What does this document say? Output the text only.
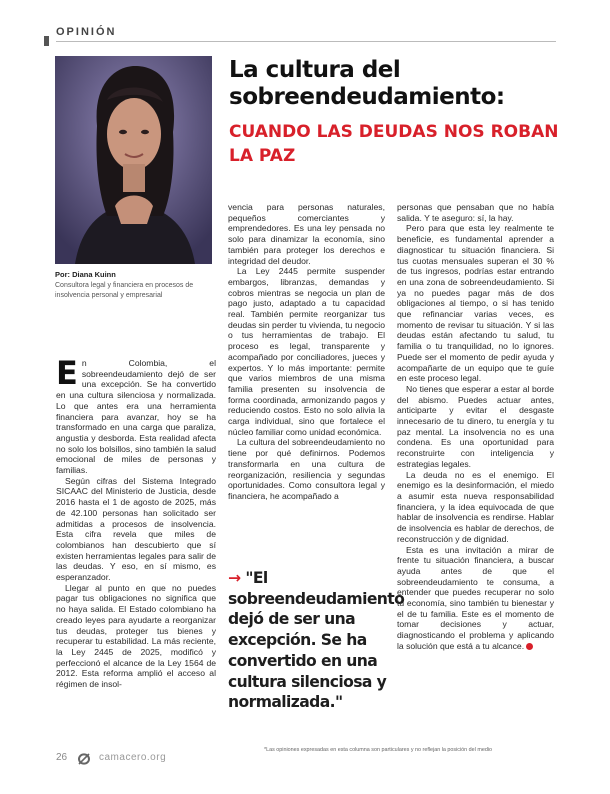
OPINIÓN
Por: Diana Kuinn
Consultora legal y financiera en procesos de insolvencia personal y empresarial
La cultura del sobreendeudamiento:
CUANDO LAS DEUDAS NOS ROBAN LA PAZ
E n Colombia, el sobreendeudamiento dejó de ser una excepción. Se ha convertido en una cultura silenciosa y normalizada. Lo que antes era una herramienta financiera para avanzar, hoy se ha transformado en una carga que paraliza, angustia y desborda. Esta realidad afecta no solo los bolsillos, sino también la salud emocional de miles de personas y familias.

Según cifras del Sistema Integrado SICAAC del Ministerio de Justicia, desde 2016 hasta el 1 de agosto de 2025, más de 42.100 personas han solicitado ser admitidas a procesos de insolvencia. Esta cifra revela que miles de colombianos han descubierto que sí existen herramientas legales para salir de las deudas. Y eso, en sí mismo, es esperanzador.

Llegar al punto en que no puedes pagar tus obligaciones no significa que no haya salida. El Estado colombiano ha creado leyes para ayudarte a reorganizar tus deudas, proteger tus bienes y recuperar tu estabilidad. La más reciente, la Ley 2445 de 2025, modificó y perfeccionó el alcance de la Ley 1564 de 2012. Esta reforma amplió el acceso al régimen de insol-

vencia para personas naturales, pequeños comerciantes y emprendedores. Es una ley pensada no solo para dinamizar la economía, sino también para proteger los derechos e integridad del deudor.

La Ley 2445 permite suspender embargos, libranzas, demandas y cobros mientras se negocia un plan de pago justo, adaptado a tu capacidad real. También permite reorganizar tus deudas sin perder tu vivienda, tu negocio o tus herramientas de trabajo. El proceso es legal, transparente y acompañado por conciliadores, jueces y expertos. Y lo más importante: permite que varios miembros de una misma familia presenten su insolvencia de forma coordinada, armonizando pagos y reduciendo costos. Esto no solo alivia la carga individual, sino que fortalece el núcleo familiar como unidad económica.

La cultura del sobreendeudamiento no tiene por qué definirnos. Podemos transformarla en una cultura de reorganización, resiliencia y segundas oportunidades. Como consultora legal y financiera, he acompañado a

→ "El sobreendeudamiento dejó de ser una excepción. Se ha convertido en una cultura silenciosa y normalizada."

personas que pensaban que no había salida. Y te aseguro: sí, la hay.

Pero para que esta ley realmente te beneficie, es fundamental aprender a diagnosticar tu situación financiera. Si tus cuotas mensuales superan el 30 % de tus ingresos, podrías estar entrando en una zona de sobreendeudamiento. Si ya no puedes pagar más de dos obligaciones al tiempo, o si has tenido que refinanciar varias veces, es momento de revisar tu situación. Y si las deudas están afectando tu salud, tu familia o tu tranquilidad, no lo ignores. Puede ser el momento de pedir ayuda y acompañarte de un equipo que te guíe en este proceso legal.

No tienes que esperar a estar al borde del abismo. Puedes actuar antes, anticiparte y evitar el desgaste innecesario de tu dinero, tu energía y tu paz mental. La insolvencia no es una condena. Es una oportunidad para reconstruirte con inteligencia y estrategias legales.

La deuda no es el enemigo. El enemigo es la desinformación, el miedo a asumir esta nueva responsabilidad financiera, y la idea equivocada de que hablar de insolvencia es rendirse. Hablar de insolvencia es hablar de derechos, de reconstrucción y de dignidad.

Esta es una invitación a mirar de frente tu situación financiera, a buscar ayuda antes de que el sobreendeudamiento te consuma, a entender que puedes recuperar no solo tu economía, sino también tu bienestar y el de tu familia. Este es el momento de tomar decisiones y actuar, diagnosticando el problema y aplicando la solución que está a tu alcance.

26	camacero.org
*Las opiniones expresadas en esta columna son particulares y no reflejan la posición del medio
